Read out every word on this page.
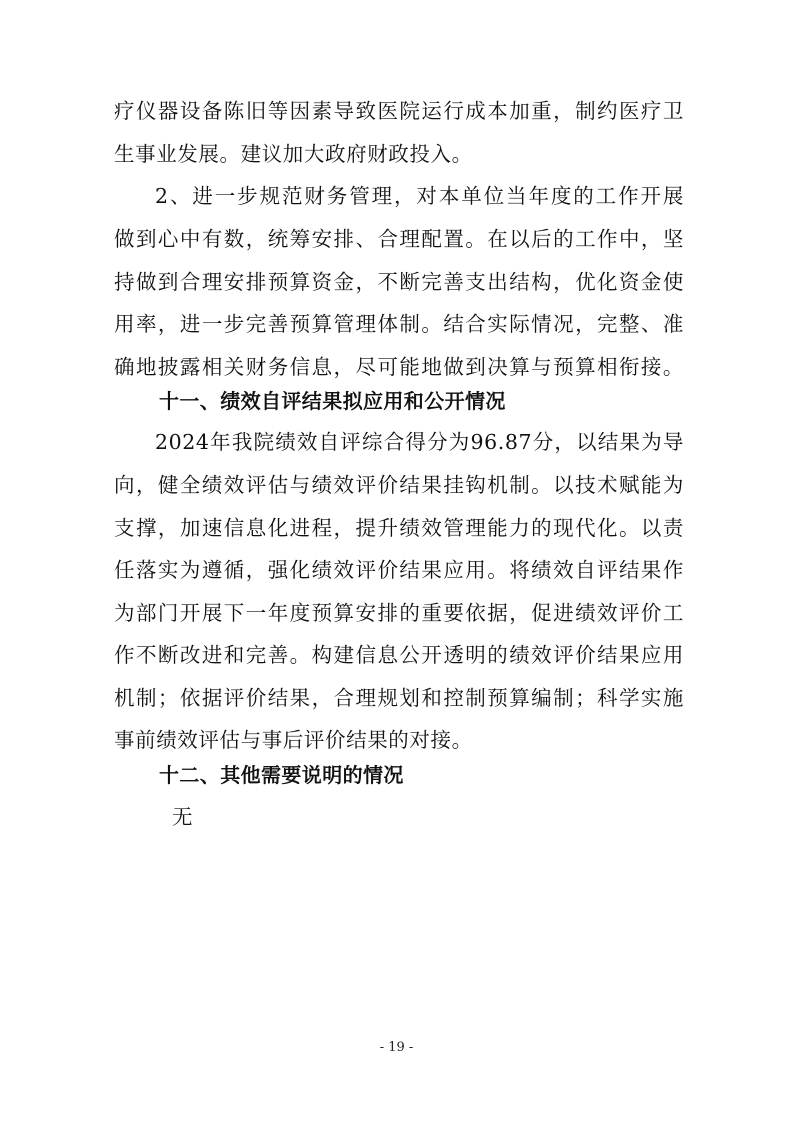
疗仪器设备陈旧等因素导致医院运行成本加重，制约医疗卫
生事业发展。建议加大政府财政投入。
2、进一步规范财务管理，对本单位当年度的工作开展
做到心中有数，统筹安排、合理配置。在以后的工作中，坚
持做到合理安排预算资金，不断完善支出结构，优化资金使
用率，进一步完善预算管理体制。结合实际情况，完整、准
确地披露相关财务信息，尽可能地做到决算与预算相衔接。
十一、绩效自评结果拟应用和公开情况
2024年我院绩效自评综合得分为96.87分，以结果为导
向，健全绩效评估与绩效评价结果挂钩机制。以技术赋能为
支撑，加速信息化进程，提升绩效管理能力的现代化。以责
任落实为遵循，强化绩效评价结果应用。将绩效自评结果作
为部门开展下一年度预算安排的重要依据，促进绩效评价工
作不断改进和完善。构建信息公开透明的绩效评价结果应用
机制；依据评价结果，合理规划和控制预算编制；科学实施
事前绩效评估与事后评价结果的对接。
十二、其他需要说明的情况
无
- 19 -
